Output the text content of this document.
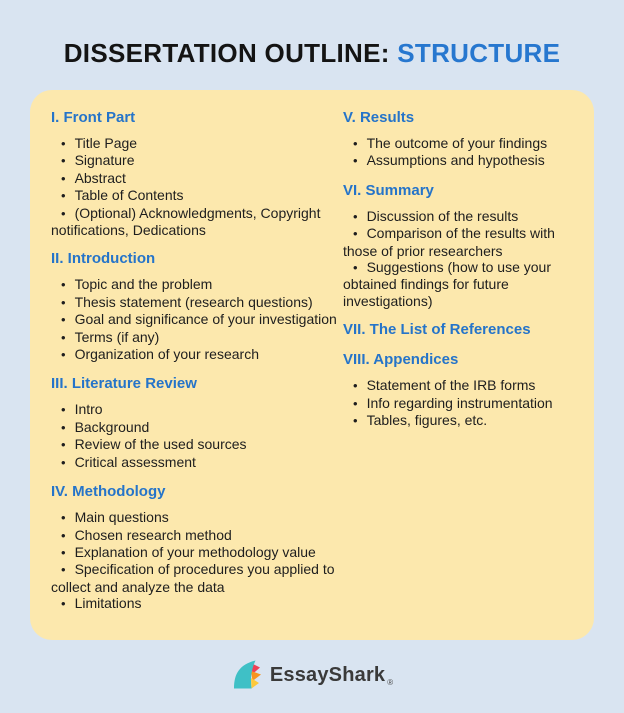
DISSERTATION OUTLINE: STRUCTURE
I. Front Part
• Title Page
• Signature
• Abstract
• Table of Contents
• (Optional) Acknowledgments, Copyright notifications, Dedications
II. Introduction
• Topic and the problem
• Thesis statement (research questions)
• Goal and significance of your investigation
• Terms (if any)
• Organization of your research
III. Literature Review
• Intro
• Background
• Review of the used sources
• Critical assessment
IV. Methodology
• Main questions
• Chosen research method
• Explanation of your methodology value
• Specification of procedures you applied to collect and analyze the data
• Limitations
V. Results
• The outcome of your findings
• Assumptions and hypothesis
VI. Summary
• Discussion of the results
• Comparison of the results with those of prior researchers
• Suggestions (how to use your obtained findings for future investigations)
VII. The List of References
VIII. Appendices
• Statement of the IRB forms
• Info regarding instrumentation
• Tables, figures, etc.
EssayShark ®
